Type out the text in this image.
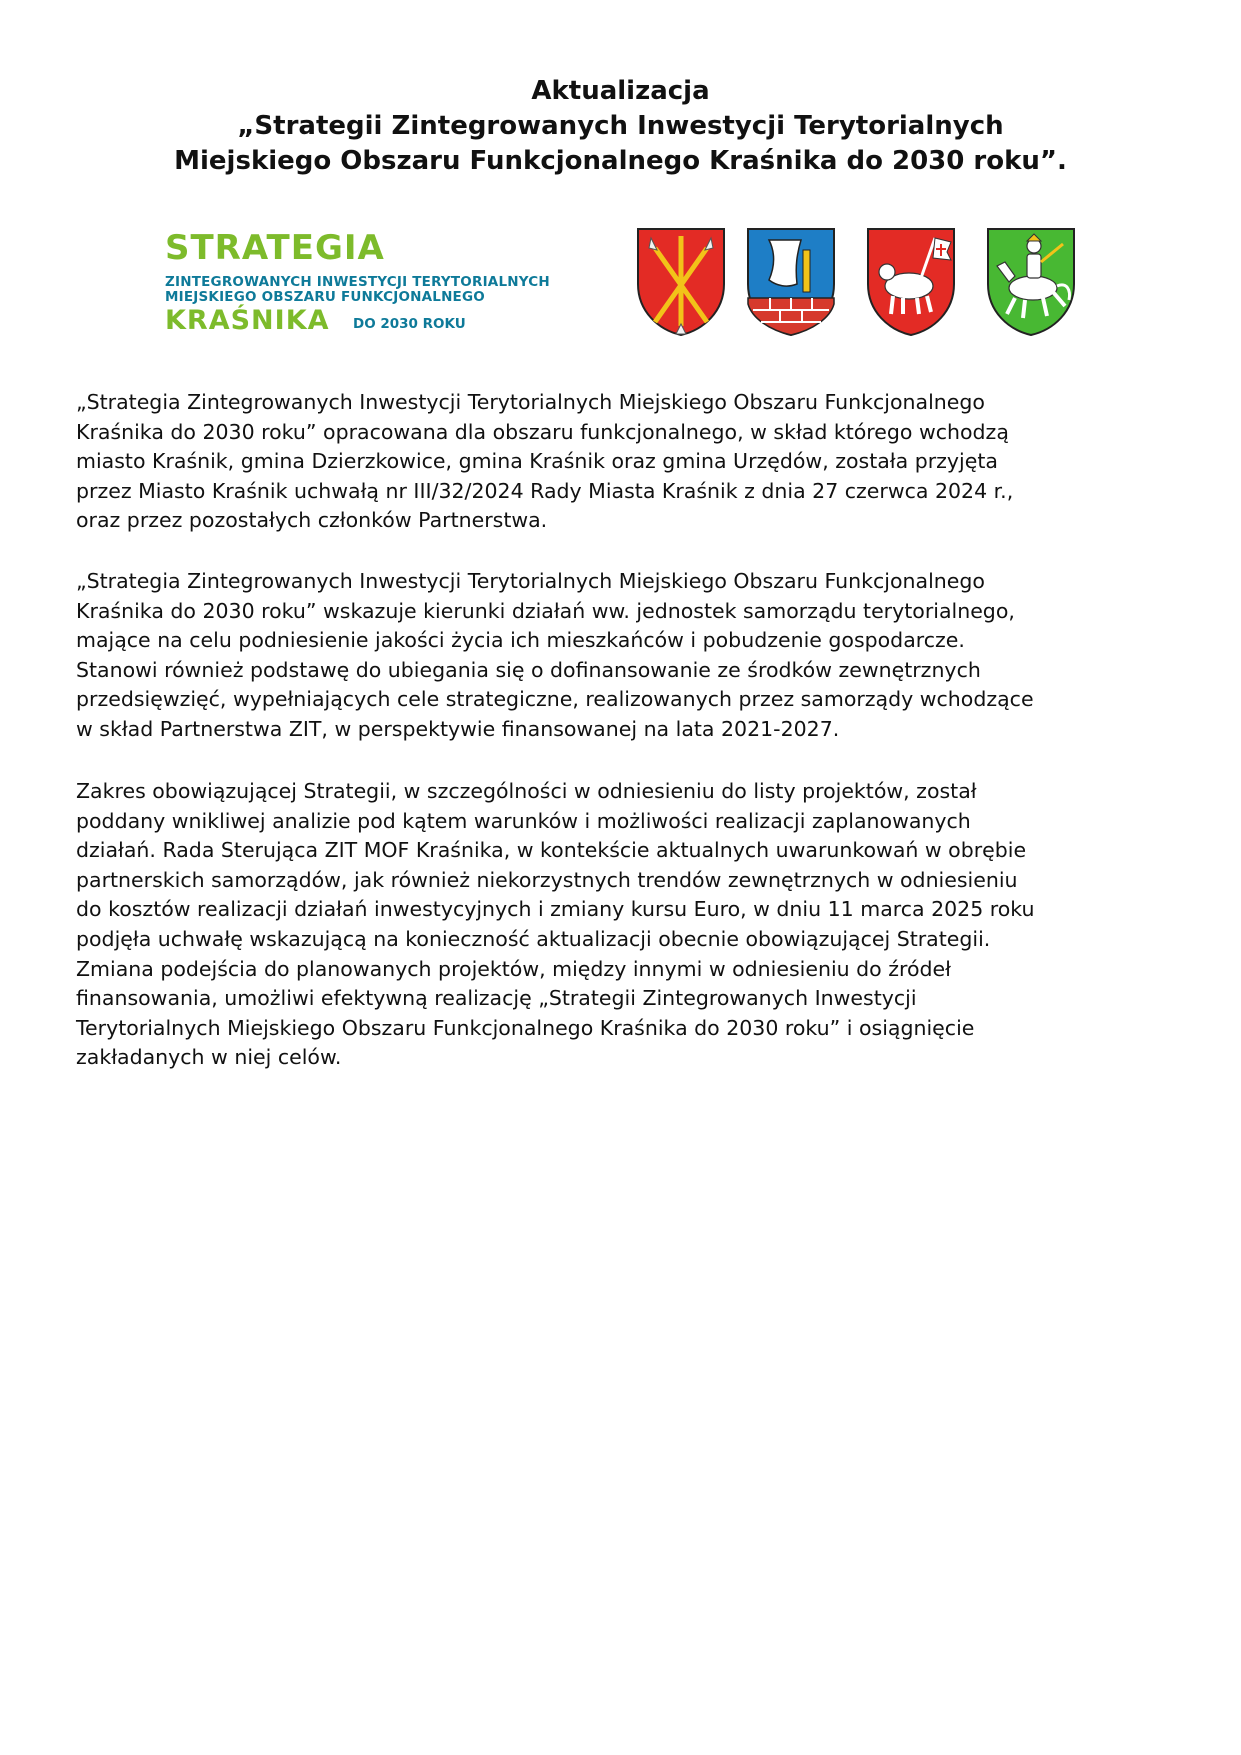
Aktualizacja
„Strategii Zintegrowanych Inwestycji Terytorialnych
Miejskiego Obszaru Funkcjonalnego Kraśnika do 2030 roku”.
STRATEGIA
ZINTEGROWANYCH INWESTYCJI TERYTORIALNYCH
MIEJSKIEGO OBSZARU FUNKCJONALNEGO
KRAŚNIKA DO 2030 ROKU
„Strategia Zintegrowanych Inwestycji Terytorialnych Miejskiego Obszaru Funkcjonalnego
Kraśnika do 2030 roku” opracowana dla obszaru funkcjonalnego, w skład którego wchodzą
miasto Kraśnik, gmina Dzierzkowice, gmina Kraśnik oraz gmina Urzędów, została przyjęta
przez Miasto Kraśnik uchwałą nr III/32/2024 Rady Miasta Kraśnik z dnia 27 czerwca 2024 r.,
oraz przez pozostałych członków Partnerstwa.
„Strategia Zintegrowanych Inwestycji Terytorialnych Miejskiego Obszaru Funkcjonalnego
Kraśnika do 2030 roku” wskazuje kierunki działań ww. jednostek samorządu terytorialnego,
mające na celu podniesienie jakości życia ich mieszkańców i pobudzenie gospodarcze.
Stanowi również podstawę do ubiegania się o dofinansowanie ze środków zewnętrznych
przedsięwzięć, wypełniających cele strategiczne, realizowanych przez samorządy wchodzące
w skład Partnerstwa ZIT, w perspektywie finansowanej na lata 2021-2027.
Zakres obowiązującej Strategii, w szczególności w odniesieniu do listy projektów, został
poddany wnikliwej analizie pod kątem warunków i możliwości realizacji zaplanowanych
działań. Rada Sterująca ZIT MOF Kraśnika, w kontekście aktualnych uwarunkowań w obrębie
partnerskich samorządów, jak również niekorzystnych trendów zewnętrznych w odniesieniu
do kosztów realizacji działań inwestycyjnych i zmiany kursu Euro, w dniu 11 marca 2025 roku
podjęła uchwałę wskazującą na konieczność aktualizacji obecnie obowiązującej Strategii.
Zmiana podejścia do planowanych projektów, między innymi w odniesieniu do źródeł
finansowania, umożliwi efektywną realizację „Strategii Zintegrowanych Inwestycji
Terytorialnych Miejskiego Obszaru Funkcjonalnego Kraśnika do 2030 roku” i osiągnięcie
zakładanych w niej celów.
